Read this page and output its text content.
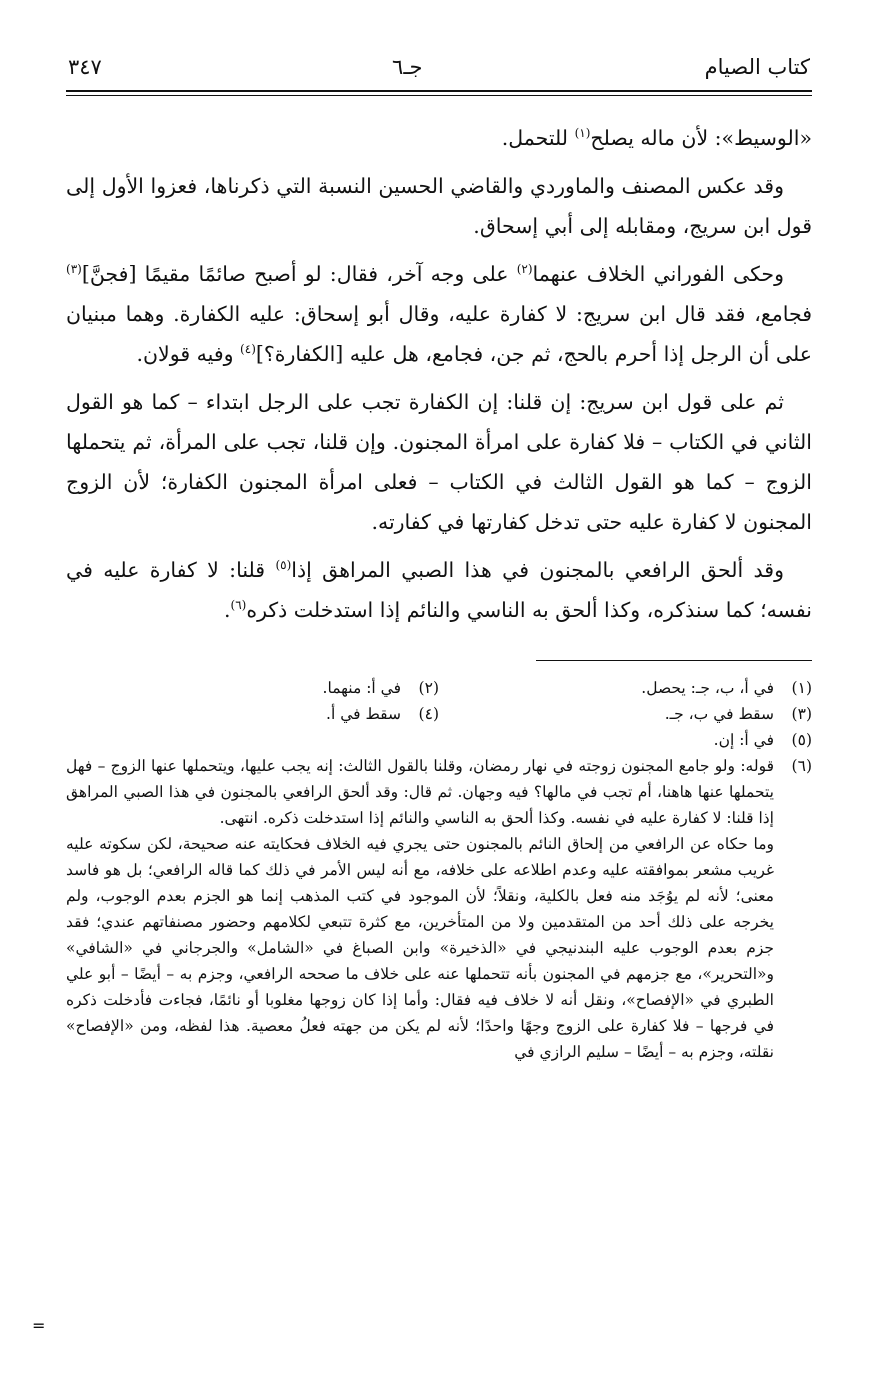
كتاب الصيام
جـ٦
٣٤٧

«الوسيط»: لأن ماله يصلح$^{(١)}$ للتحمل.

وقد عكس المصنف والماوردي والقاضي الحسين النسبة التي ذكرناها، فعزوا الأول إلى قول ابن سريج، ومقابله إلى أبي إسحاق.

وحكى الفوراني الخلاف عنهما$^{(٢)}$ على وجه آخر، فقال: لو أصبح صائمًا مقيمًا [فجنَّ]$^{(٣)}$ فجامع، فقد قال ابن سريج: لا كفارة عليه، وقال أبو إسحاق: عليه الكفارة. وهما مبنيان على أن الرجل إذا أحرم بالحج، ثم جن، فجامع، هل عليه [الكفارة؟]$^{(٤)}$ وفيه قولان.

ثم على قول ابن سريج: إن قلنا: إن الكفارة تجب على الرجل ابتداء – كما هو القول الثاني في الكتاب – فلا كفارة على امرأة المجنون. وإن قلنا، تجب على المرأة، ثم يتحملها الزوج – كما هو القول الثالث في الكتاب – فعلى امرأة المجنون الكفارة؛ لأن الزوج المجنون لا كفارة عليه حتى تدخل كفارتها في كفارته.

وقد ألحق الرافعي بالمجنون في هذا الصبي المراهق إذا$^{(٥)}$ قلنا: لا كفارة عليه في نفسه؛ كما سنذكره، وكذا ألحق به الناسي والنائم إذا استدخلت ذكره$^{(٦)}$.

(١)في أ، ب، جـ: يحصل.
(٢)في أ: منهما.
(٣)سقط في ب، جـ.
(٤)سقط في أ.
(٥)
في أ: إن.
(٦)

قوله: ولو جامع المجنون زوجته في نهار رمضان، وقلنا بالقول الثالث: إنه يجب عليها، ويتحملها عنها الزوج – فهل يتحملها عنها هاهنا، أم تجب في مالها؟ فيه وجهان. ثم قال: وقد ألحق الرافعي بالمجنون في هذا الصبي المراهق إذا قلنا: لا كفارة عليه في نفسه. وكذا ألحق به الناسي والنائم إذا استدخلت ذكره. انتهى.

وما حكاه عن الرافعي من إلحاق النائم بالمجنون حتى يجري فيه الخلاف فحكايته عنه صحيحة، لكن سكوته عليه غريب مشعر بموافقته عليه وعدم اطلاعه على خلافه، مع أنه ليس الأمر في ذلك كما قاله الرافعي؛ بل هو فاسد معنى؛ لأنه لم يوُجَد منه فعل بالكلية، ونقلاً؛ لأن الموجود في كتب المذهب إنما هو الجزم بعدم الوجوب، ولم يخرجه على ذلك أحد من المتقدمين ولا من المتأخرين، مع كثرة تتبعي لكلامهم وحضور مصنفاتهم عندي؛ فقد جزم بعدم الوجوب عليه البندنيجي في «الذخيرة» وابن الصباغ في «الشامل» والجرجاني في «الشافي» و«التحرير»، مع جزمهم في المجنون بأنه تتحملها عنه على خلاف ما صححه الرافعي، وجزم به – أيضًا – أبو علي الطبري في «الإفصاح»، ونقل أنه لا خلاف فيه فقال: وأما إذا كان زوجها مغلوبا أو نائمًا، فجاءت فأدخلت ذكره في فرجها – فلا كفارة على الزوج وجهًا واحدًا؛ لأنه لم يكن من جهته فعلُ معصية. هذا لفظه، ومن «الإفصاح» نقلته، وجزم به – أيضًا – سليم الرازي في

=
